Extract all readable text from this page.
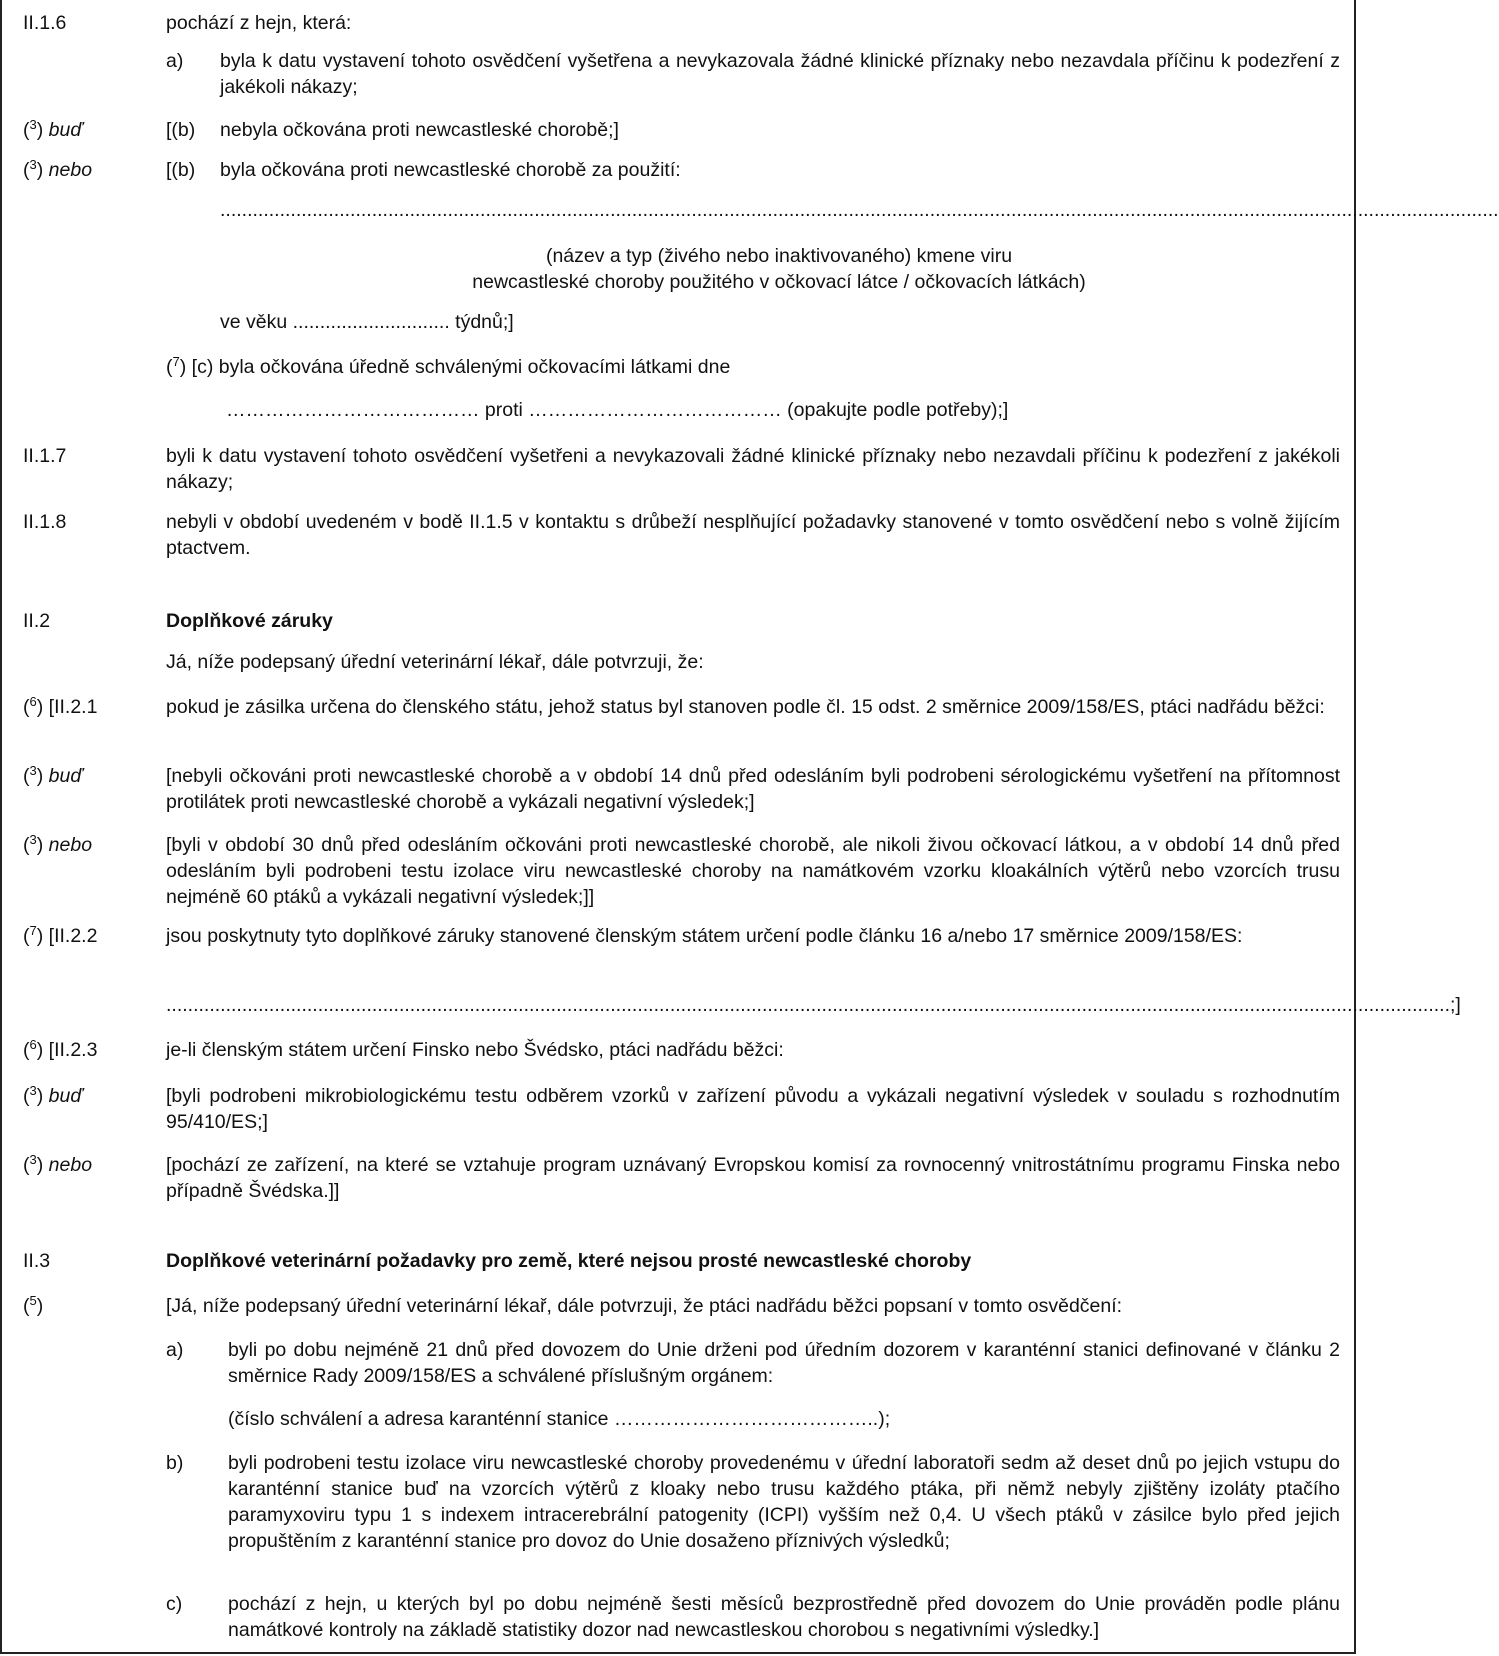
II.1.6	pochází z hejn, která:
a) byla k datu vystavení tohoto osvědčení vyšetřena a nevykazovala žádné klinické příznaky nebo nezavdala příčinu k podezření z jakékoli nákazy;
($^3$) buď	[(b) nebyla očkována proti newcastleské chorobě;]
($^3$) nebo	[(b) byla očkována proti newcastleské chorobě za použití:
............................................................................................................................................................................................................................................
(název a typ (živého nebo inaktivovaného) kmene viru
newcastleské choroby použitého v očkovací látce / očkovacích látkách)
ve věku ............................. týdnů;]
($^7$) [c) byla očkována úředně schválenými očkovacími látkami dne
………………………………… proti ………………………………… (opakujte podle potřeby);]
II.1.7	byli k datu vystavení tohoto osvědčení vyšetřeni a nevykazovali žádné klinické příznaky nebo nezavdali příčinu k podezření z jakékoli nákazy;
II.1.8	nebyli v období uvedeném v bodě II.1.5 v kontaktu s drůbeží nesplňující požadavky stanovené v tomto osvědčení nebo s volně žijícím ptactvem.
II.2	Doplňkové záruky
Já, níže podepsaný úřední veterinární lékař, dále potvrzuji, že:
($^6$) [II.2.1	pokud je zásilka určena do členského státu, jehož status byl stanoven podle čl. 15 odst. 2 směrnice 2009/158/ES, ptáci nadřádu běžci:
($^3$) buď	[nebyli očkováni proti newcastleské chorobě a v období 14 dnů před odesláním byli podrobeni sérologickému vyšetření na přítomnost protilátek proti newcastleské chorobě a vykázali negativní výsledek;]
($^3$) nebo	[byli v období 30 dnů před odesláním očkováni proti newcastleské chorobě, ale nikoli živou očkovací látkou, a v období 14 dnů před odesláním byli podrobeni testu izolace viru newcastleské choroby na namátkovém vzorku kloakálních výtěrů nebo vzorcích trusu nejméně 60 ptáků a vykázali negativní výsledek;]]
($^7$) [II.2.2	jsou poskytnuty tyto doplňkové záruky stanovené členským státem určení podle článku 16 a/nebo 17 směrnice 2009/158/ES:
.............................................................................................................................................................................................................................................;]
($^6$) [II.2.3	je-li členským státem určení Finsko nebo Švédsko, ptáci nadřádu běžci:
($^3$) buď	[byli podrobeni mikrobiologickému testu odběrem vzorků v zařízení původu a vykázali negativní výsledek v souladu s rozhodnutím 95/410/ES;]
($^3$) nebo	[pochází ze zařízení, na které se vztahuje program uznávaný Evropskou komisí za rovnocenný vnitrostátnímu programu Finska nebo případně Švédska.]]
II.3	Doplňkové veterinární požadavky pro země, které nejsou prosté newcastleské choroby
($^5$)	[Já, níže podepsaný úřední veterinární lékař, dále potvrzuji, že ptáci nadřádu běžci popsaní v tomto osvědčení:
a) byli po dobu nejméně 21 dnů před dovozem do Unie drženi pod úředním dozorem v karanténní stanici definované v článku 2 směrnice Rady 2009/158/ES a schválené příslušným orgánem:
(číslo schválení a adresa karanténní stanice …………………………………..);
b) byli podrobeni testu izolace viru newcastleské choroby provedenému v úřední laboratoři sedm až deset dnů po jejich vstupu do karanténní stanice buď na vzorcích výtěrů z kloaky nebo trusu každého ptáka, při němž nebyly zjištěny izoláty ptačího paramyxoviru typu 1 s indexem intracerebrální patogenity (ICPI) vyšším než 0,4. U všech ptáků v zásilce bylo před jejich propuštěním z karanténní stanice pro dovoz do Unie dosaženo příznivých výsledků;
c) pochází z hejn, u kterých byl po dobu nejméně šesti měsíců bezprostředně před dovozem do Unie prováděn podle plánu namátkové kontroly na základě statistiky dozor nad newcastleskou chorobou s negativními výsledky.]
